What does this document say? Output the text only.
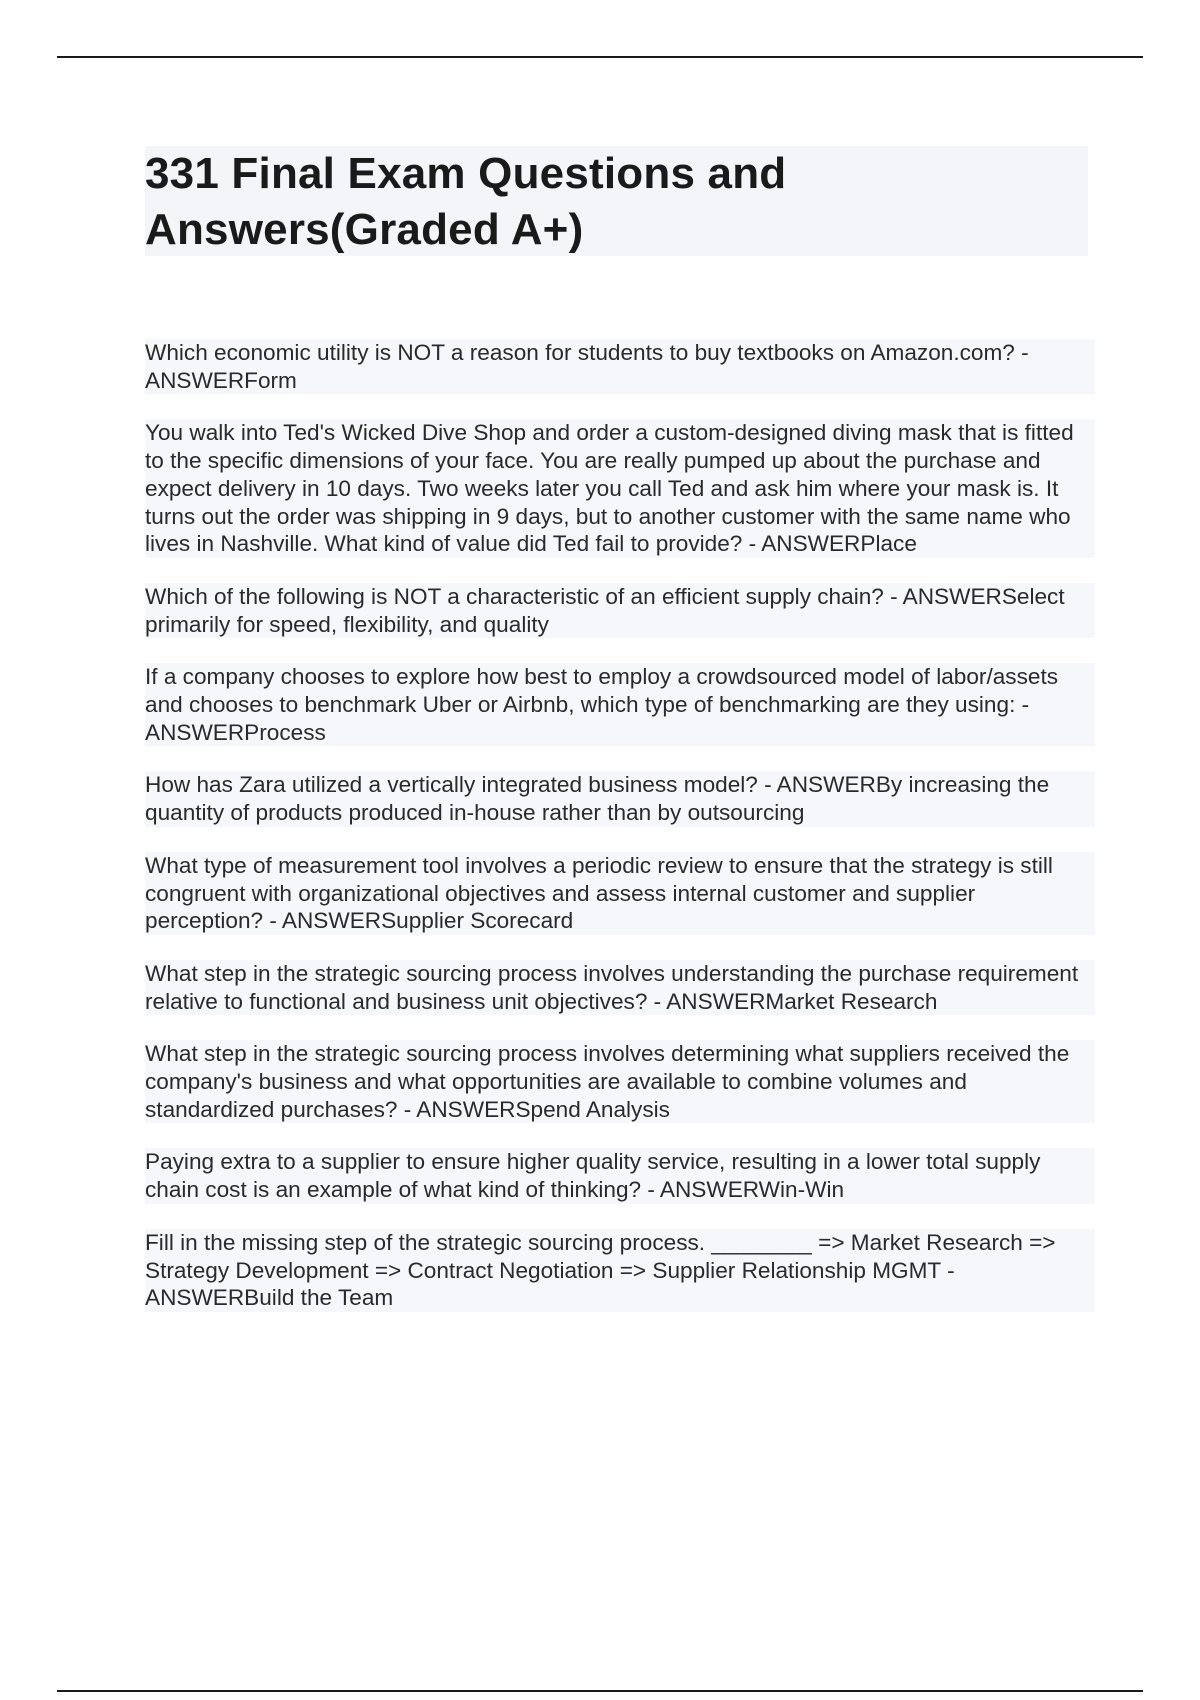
331 Final Exam Questions and Answers(Graded A+)

Which economic utility is NOT a reason for students to buy textbooks on Amazon.com? - ANSWERForm

You walk into Ted's Wicked Dive Shop and order a custom-designed diving mask that is fitted to the specific dimensions of your face. You are really pumped up about the purchase and expect delivery in 10 days. Two weeks later you call Ted and ask him where your mask is. It turns out the order was shipping in 9 days, but to another customer with the same name who lives in Nashville. What kind of value did Ted fail to provide? - ANSWERPlace

Which of the following is NOT a characteristic of an efficient supply chain? - ANSWERSelect primarily for speed, flexibility, and quality

If a company chooses to explore how best to employ a crowdsourced model of labor/assets and chooses to benchmark Uber or Airbnb, which type of benchmarking are they using: - ANSWERProcess

How has Zara utilized a vertically integrated business model? - ANSWERBy increasing the quantity of products produced in-house rather than by outsourcing

What type of measurement tool involves a periodic review to ensure that the strategy is still congruent with organizational objectives and assess internal customer and supplier perception? - ANSWERSupplier Scorecard

What step in the strategic sourcing process involves understanding the purchase requirement relative to functional and business unit objectives? - ANSWERMarket Research

What step in the strategic sourcing process involves determining what suppliers received the company's business and what opportunities are available to combine volumes and standardized purchases? - ANSWERSpend Analysis

Paying extra to a supplier to ensure higher quality service, resulting in a lower total supply chain cost is an example of what kind of thinking? - ANSWERWin-Win

Fill in the missing step of the strategic sourcing process. ________ => Market Research => Strategy Development => Contract Negotiation => Supplier Relationship MGMT - ANSWERBuild the Team
